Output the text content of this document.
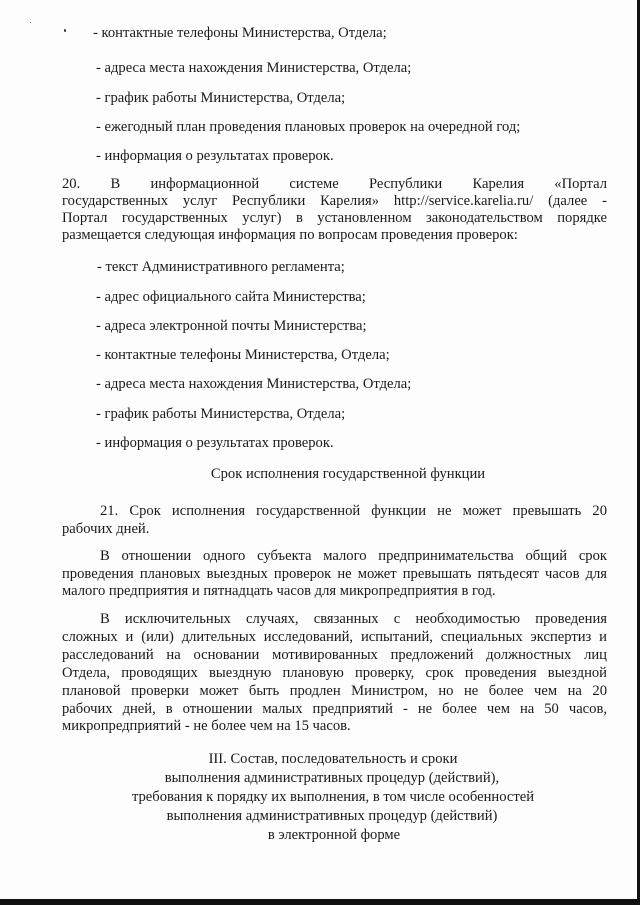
- контактные телефоны Министерства, Отдела;
- адреса места нахождения Министерства, Отдела;
- график работы Министерства, Отдела;
- ежегодный план проведения плановых проверок на очередной год;
- информация о результатах проверок.
20. В информационной системе Республики Карелия «Портал
государственных услуг Республики Карелия» http://service.karelia.ru/ (далее -
Портал государственных услуг) в установленном законодательством порядке
размещается следующая информация по вопросам проведения проверок:
- текст Административного регламента;
- адрес официального сайта Министерства;
- адреса электронной почты Министерства;
- контактные телефоны Министерства, Отдела;
- адреса места нахождения Министерства, Отдела;
- график работы Министерства, Отдела;
- информация о результатах проверок.
Срок исполнения государственной функции
21. Срок исполнения государственной функции не может превышать 20
рабочих дней.
В отношении одного субъекта малого предпринимательства общий срок
проведения плановых выездных проверок не может превышать пятьдесят часов для
малого предприятия и пятнадцать часов для микропредприятия в год.
В исключительных случаях, связанных с необходимостью проведения
сложных и (или) длительных исследований, испытаний, специальных экспертиз и
расследований на основании мотивированных предложений должностных лиц
Отдела, проводящих выездную плановую проверку, срок проведения выездной
плановой проверки может быть продлен Министром, но не более чем на 20
рабочих дней, в отношении малых предприятий - не более чем на 50 часов,
микропредприятий - не более чем на 15 часов.
III. Состав, последовательность и сроки
выполнения административных процедур (действий),
требования к порядку их выполнения, в том числе особенностей
выполнения административных процедур (действий)
в электронной форме
